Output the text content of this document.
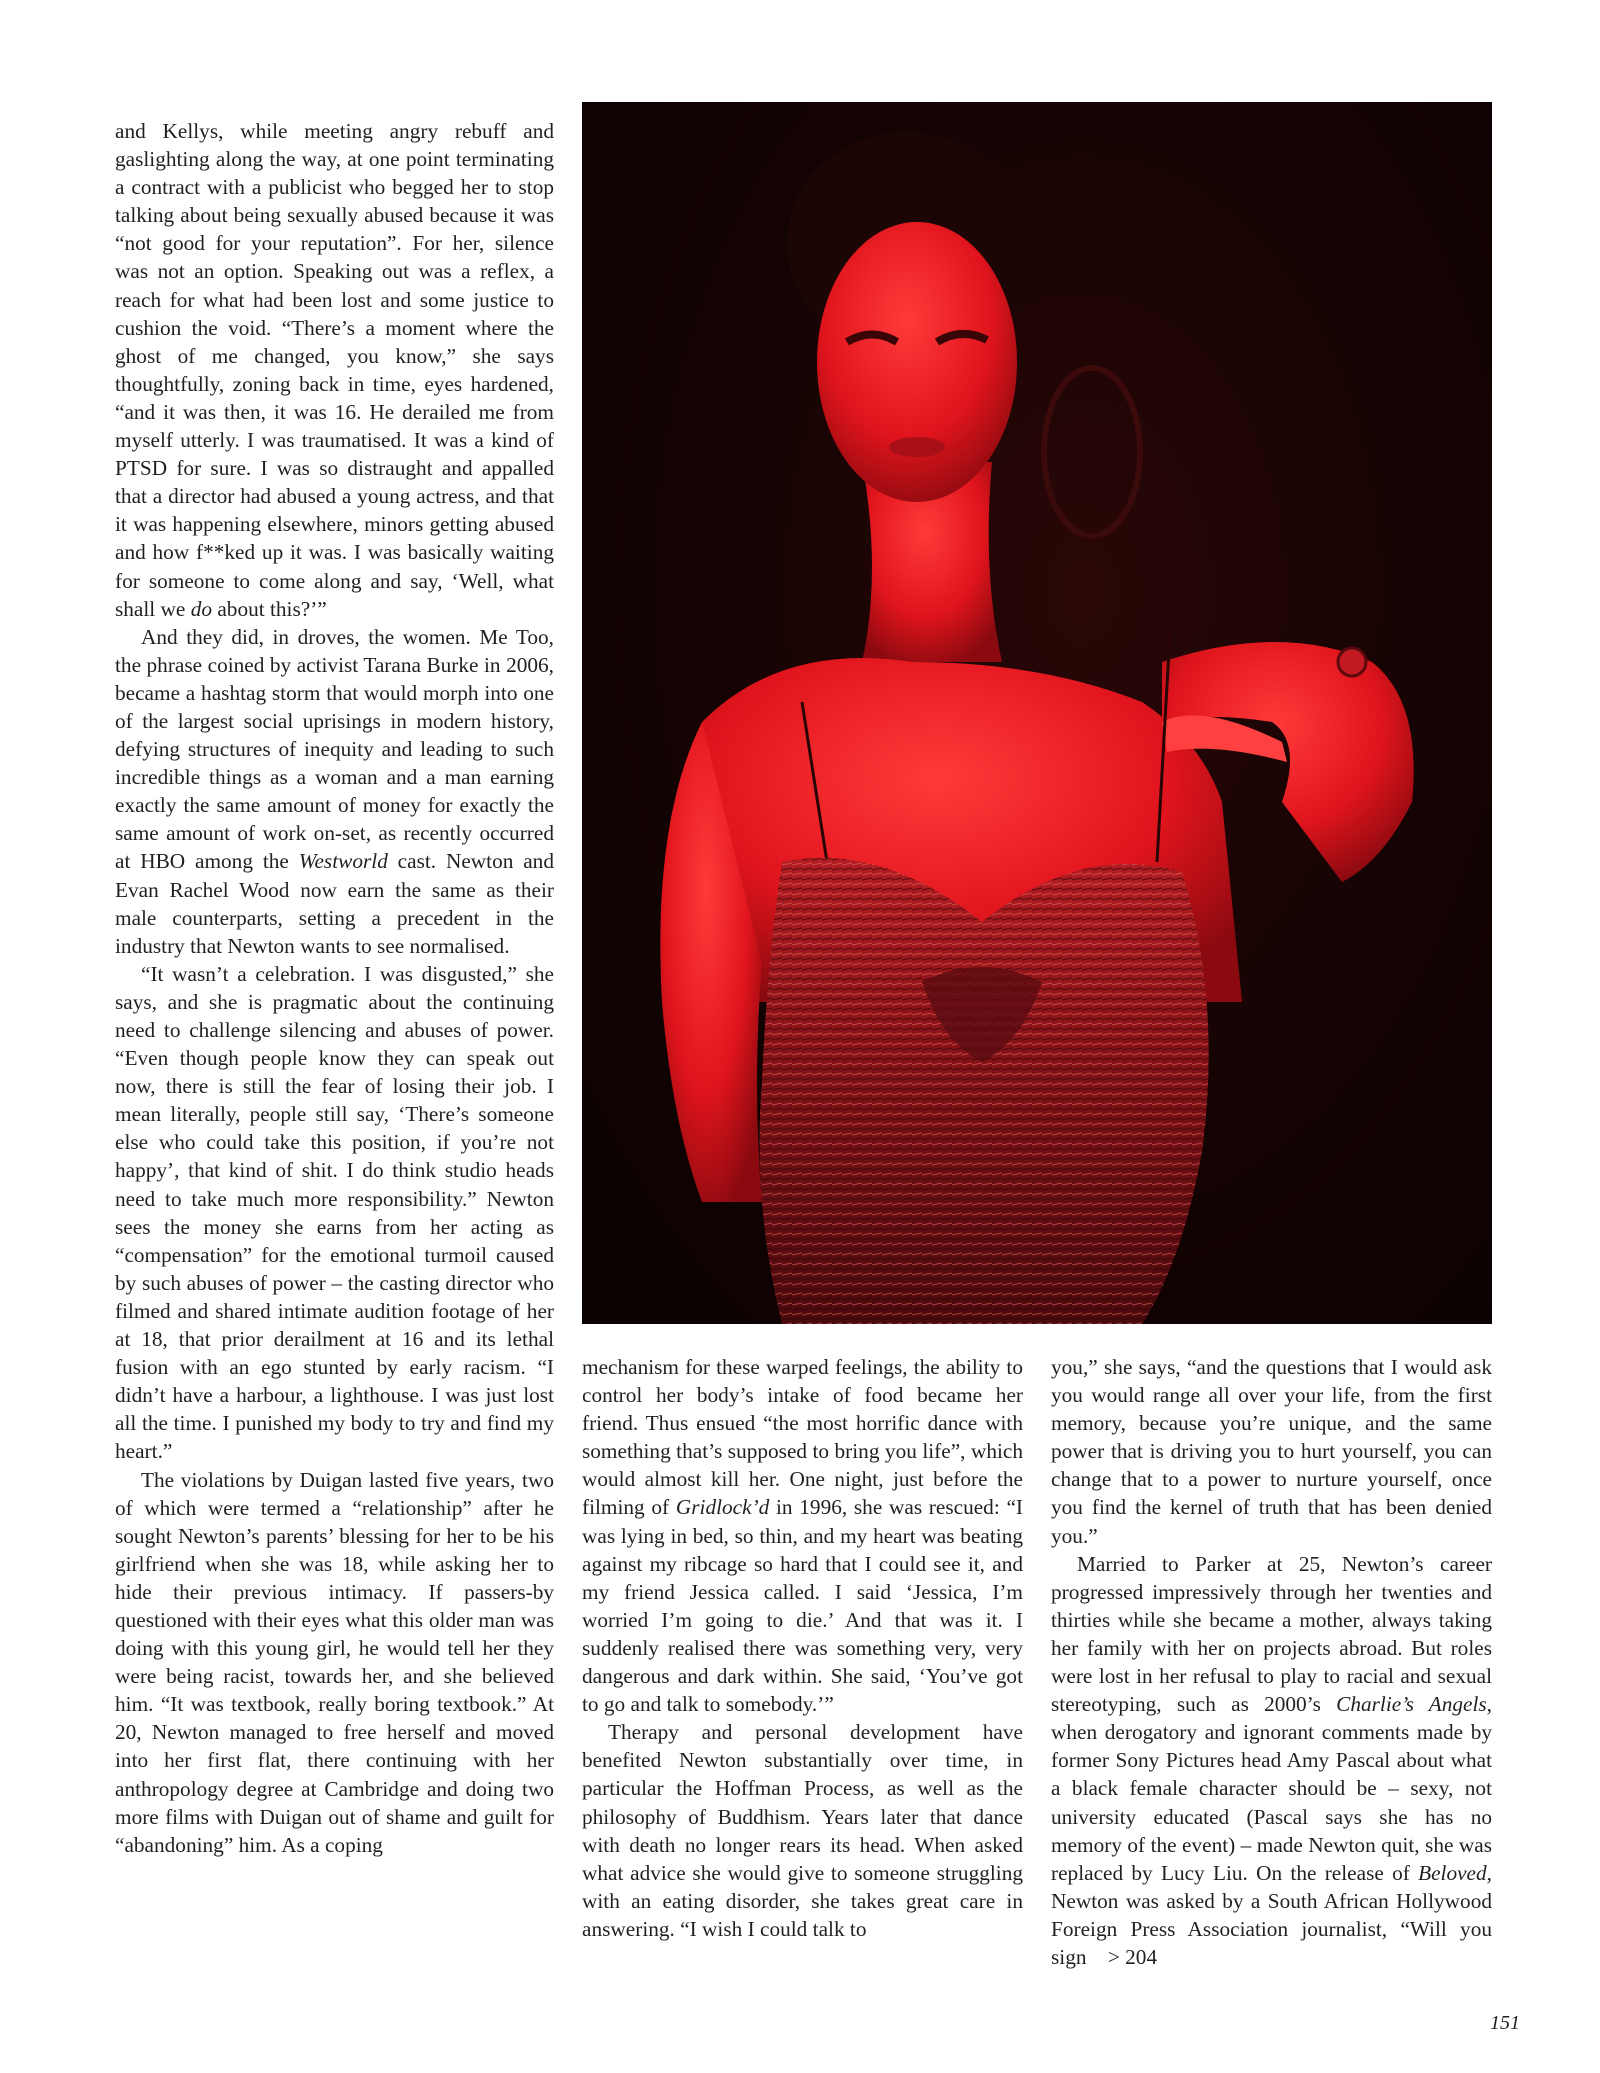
and Kellys, while meeting angry rebuff and gaslighting along the way, at one point terminating a contract with a publicist who begged her to stop talking about being sexually abused because it was “not good for your reputation”. For her, silence was not an option. Speaking out was a reflex, a reach for what had been lost and some justice to cushion the void. “There’s a moment where the ghost of me changed, you know,” she says thoughtfully, zoning back in time, eyes hardened, “and it was then, it was 16. He derailed me from myself utterly. I was traumatised. It was a kind of PTSD for sure. I was so distraught and appalled that a director had abused a young actress, and that it was happening elsewhere, minors getting abused and how f**ked up it was. I was basically waiting for someone to come along and say, ‘Well, what shall we do about this?’”

And they did, in droves, the women. Me Too, the phrase coined by activist Tarana Burke in 2006, became a hashtag storm that would morph into one of the largest social uprisings in modern history, defying structures of inequity and leading to such incredible things as a woman and a man earning exactly the same amount of money for exactly the same amount of work on-set, as recently occurred at HBO among the Westworld cast. Newton and Evan Rachel Wood now earn the same as their male counterparts, setting a precedent in the industry that Newton wants to see normalised.

“It wasn’t a celebration. I was disgusted,” she says, and she is pragmatic about the continuing need to challenge silencing and abuses of power. “Even though people know they can speak out now, there is still the fear of losing their job. I mean literally, people still say, ‘There’s someone else who could take this position, if you’re not happy’, that kind of shit. I do think studio heads need to take much more responsibility.” Newton sees the money she earns from her acting as “compensation” for the emotional turmoil caused by such abuses of power – the casting director who filmed and shared intimate audition footage of her at 18, that prior derailment at 16 and its lethal fusion with an ego stunted by early racism. “I didn’t have a harbour, a lighthouse. I was just lost all the time. I punished my body to try and find my heart.”

The violations by Duigan lasted five years, two of which were termed a “relationship” after he sought Newton’s parents’ blessing for her to be his girlfriend when she was 18, while asking her to hide their previous intimacy. If passers-by questioned with their eyes what this older man was doing with this young girl, he would tell her they were being racist, towards her, and she believed him. “It was textbook, really boring textbook.” At 20, Newton managed to free herself and moved into her first flat, there continuing with her anthropology degree at Cambridge and doing two more films with Duigan out of shame and guilt for “abandoning” him. As a coping

mechanism for these warped feelings, the ability to control her body’s intake of food became her friend. Thus ensued “the most horrific dance with something that’s supposed to bring you life”, which would almost kill her. One night, just before the filming of Gridlock’d in 1996, she was rescued: “I was lying in bed, so thin, and my heart was beating against my ribcage so hard that I could see it, and my friend Jessica called. I said ‘Jessica, I’m worried I’m going to die.’ And that was it. I suddenly realised there was something very, very dangerous and dark within. She said, ‘You’ve got to go and talk to somebody.’”

Therapy and personal development have benefited Newton substantially over time, in particular the Hoffman Process, as well as the philosophy of Buddhism. Years later that dance with death no longer rears its head. When asked what advice she would give to someone struggling with an eating disorder, she takes great care in answering. “I wish I could talk to

you,” she says, “and the questions that I would ask you would range all over your life, from the first memory, because you’re unique, and the same power that is driving you to hurt yourself, you can change that to a power to nurture yourself, once you find the kernel of truth that has been denied you.”

Married to Parker at 25, Newton’s career progressed impressively through her twenties and thirties while she became a mother, always taking her family with her on projects abroad. But roles were lost in her refusal to play to racial and sexual stereotyping, such as 2000’s Charlie’s Angels, when derogatory and ignorant comments made by former Sony Pictures head Amy Pascal about what a black female character should be – sexy, not university educated (Pascal says she has no memory of the event) – made Newton quit, she was replaced by Lucy Liu. On the release of Beloved, Newton was asked by a South African Hollywood Foreign Press Association journalist, “Will you sign > 204

151
